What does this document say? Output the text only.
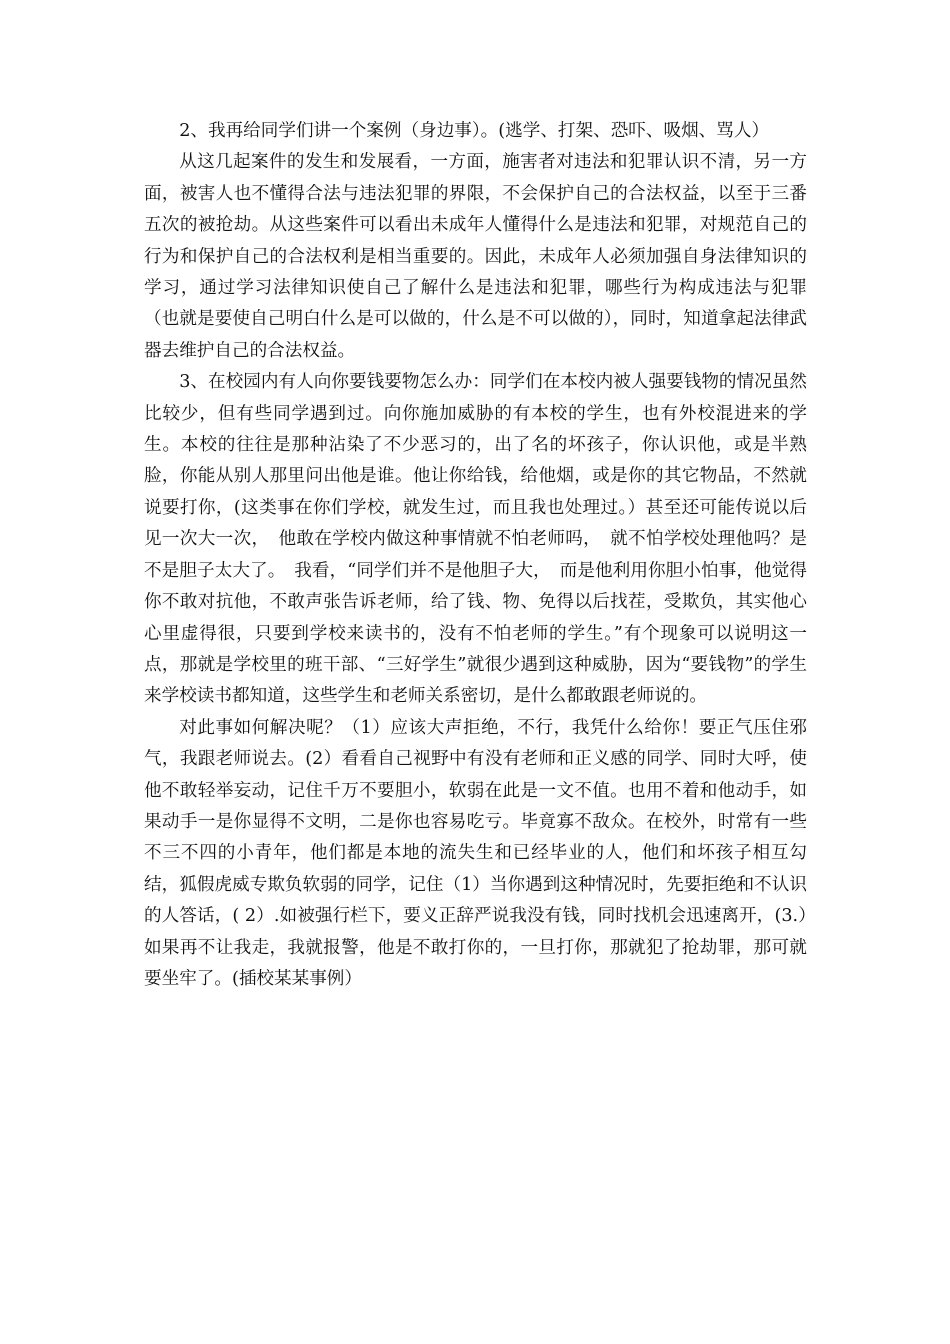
2、我再给同学们讲一个案例（身边事）。(逃学、打架、恐吓、吸烟、骂人）

从这几起案件的发生和发展看，一方面，施害者对违法和犯罪认识不清，另一方面，被害人也不懂得合法与违法犯罪的界限，不会保护自己的合法权益，以至于三番五次的被抢劫。从这些案件可以看出未成年人懂得什么是违法和犯罪，对规范自己的行为和保护自己的合法权利是相当重要的。因此，未成年人必须加强自身法律知识的学习，通过学习法律知识使自己了解什么是违法和犯罪，哪些行为构成违法与犯罪（也就是要使自己明白什么是可以做的，什么是不可以做的），同时，知道拿起法律武器去维护自己的合法权益。

3、在校园内有人向你要钱要物怎么办：同学们在本校内被人强要钱物的情况虽然比较少，但有些同学遇到过。向你施加威胁的有本校的学生，也有外校混进来的学生。本校的往往是那种沾染了不少恶习的，出了名的坏孩子，你认识他，或是半熟脸，你能从别人那里问出他是谁。他让你给钱，给他烟，或是你的其它物品，不然就说要打你，(这类事在你们学校，就发生过，而且我也处理过。）甚至还可能传说以后见一次大一次，　他敢在学校内做这种事情就不怕老师吗，　就不怕学校处理他吗？是不是胆子太大了。　我看，“同学们并不是他胆子大，　而是他利用你胆小怕事，他觉得你不敢对抗他，不敢声张告诉老师，给了钱、物、免得以后找茬，受欺负，其实他心心里虚得很，只要到学校来读书的，没有不怕老师的学生。”有个现象可以说明这一点，那就是学校里的班干部、“三好学生”就很少遇到这种威胁，因为“要钱物”的学生来学校读书都知道，这些学生和老师关系密切，是什么都敢跟老师说的。

对此事如何解决呢？（1）应该大声拒绝，不行，我凭什么给你！要正气压住邪气，我跟老师说去。(2）看看自己视野中有没有老师和正义感的同学、同时大呼，使他不敢轻举妄动，记住千万不要胆小，软弱在此是一文不值。也用不着和他动手，如果动手一是你显得不文明，二是你也容易吃亏。毕竟寡不敌众。在校外，时常有一些不三不四的小青年，他们都是本地的流失生和已经毕业的人，他们和坏孩子相互勾结，狐假虎威专欺负软弱的同学，记住（1）当你遇到这种情况时，先要拒绝和不认识的人答话，( 2）.如被强行栏下，要义正辞严说我没有钱，同时找机会迅速离开，(3.）如果再不让我走，我就报警，他是不敢打你的，一旦打你，那就犯了抢劫罪，那可就要坐牢了。(插校某某事例）
